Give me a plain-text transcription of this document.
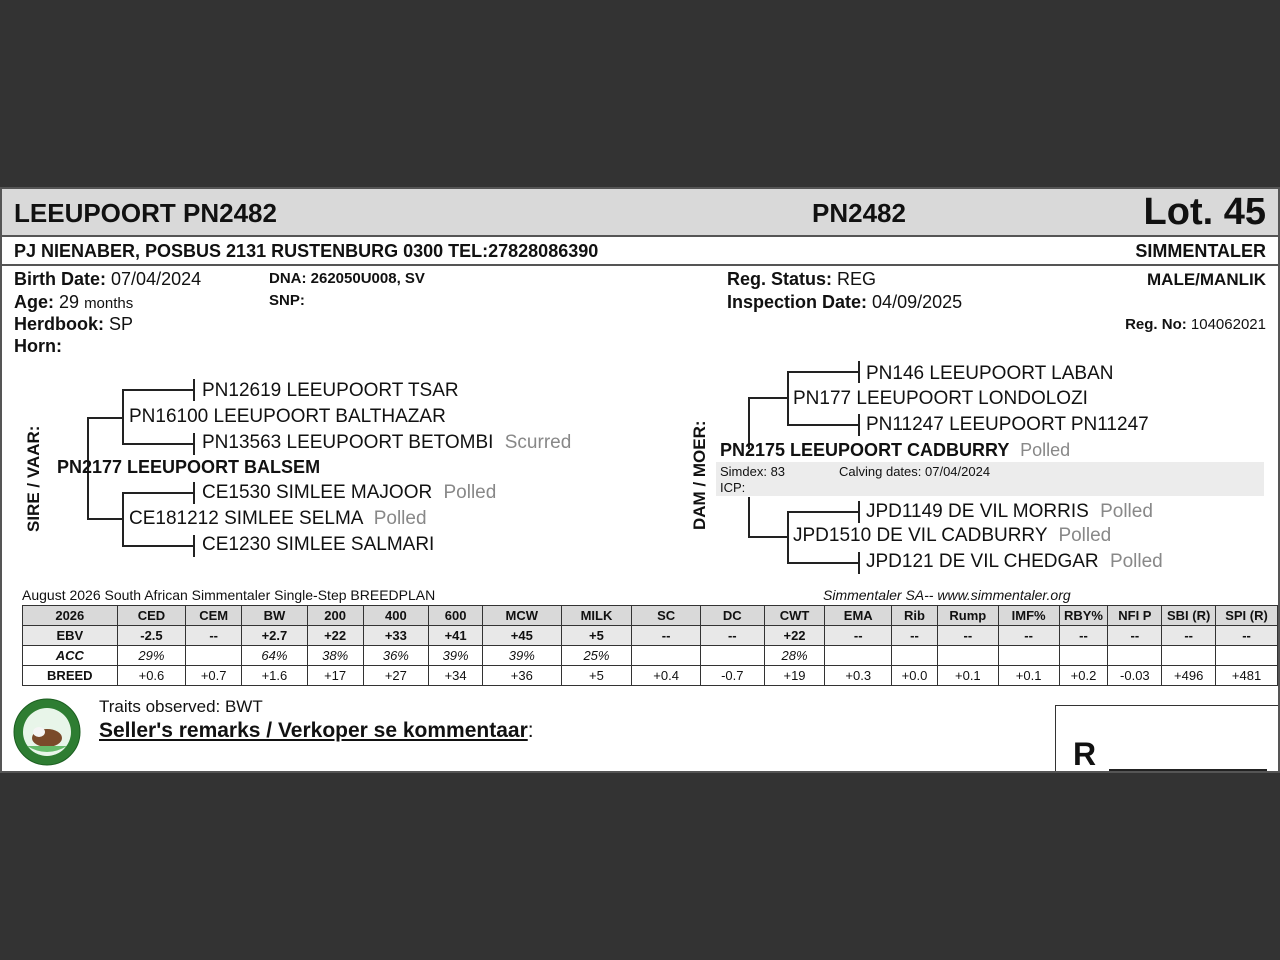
LEEUPOORT PN2482	PN2482	Lot. 45
PJ NIENABER, POSBUS 2131 RUSTENBURG 0300 TEL:27828086390	SIMMENTALER
Birth Date: 07/04/2024
Age: 29 months
Herdbook: SP
Horn:
DNA: 262050U008, SV
SNP:
Reg. Status: REG
Inspection Date: 04/09/2025
MALE/MANLIK
Reg. No: 104062021
SIRE / VAAR:
PN12619 LEEUPOORT TSAR
PN16100 LEEUPOORT BALTHAZAR
PN13563 LEEUPOORT BETOMBI Scurred
PN2177 LEEUPOORT BALSEM
CE1530 SIMLEE MAJOOR Polled
CE181212 SIMLEE SELMA Polled
CE1230 SIMLEE SALMARI
DAM / MOER:
PN146 LEEUPOORT LABAN
PN177 LEEUPOORT LONDOLOZI
PN11247 LEEUPOORT PN11247
PN2175 LEEUPOORT CADBURRY Polled
Simdex: 83	Calving dates: 07/04/2024
ICP:
JPD1149 DE VIL MORRIS Polled
JPD1510 DE VIL CADBURRY Polled
JPD121 DE VIL CHEDGAR Polled
August 2026 South African Simmentaler Single-Step BREEDPLAN	Simmentaler SA-- www.simmentaler.org
2026	CED	CEM	BW	200	400	600	MCW	MILK	SC	DC	CWT	EMA	Rib	Rump	IMF%	RBY%	NFI P	SBI (R)	SPI (R)
EBV	-2.5	--	+2.7	+22	+33	+41	+45	+5	--	--	+22	--	--	--	--	--	--	--	--
ACC	29%		64%	38%	36%	39%	39%	25%			28%								
BREED	+0.6	+0.7	+1.6	+17	+27	+34	+36	+5	+0.4	-0.7	+19	+0.3	+0.0	+0.1	+0.1	+0.2	-0.03	+496	+481
Traits observed: BWT
Seller's remarks / Verkoper se kommentaar:
R
